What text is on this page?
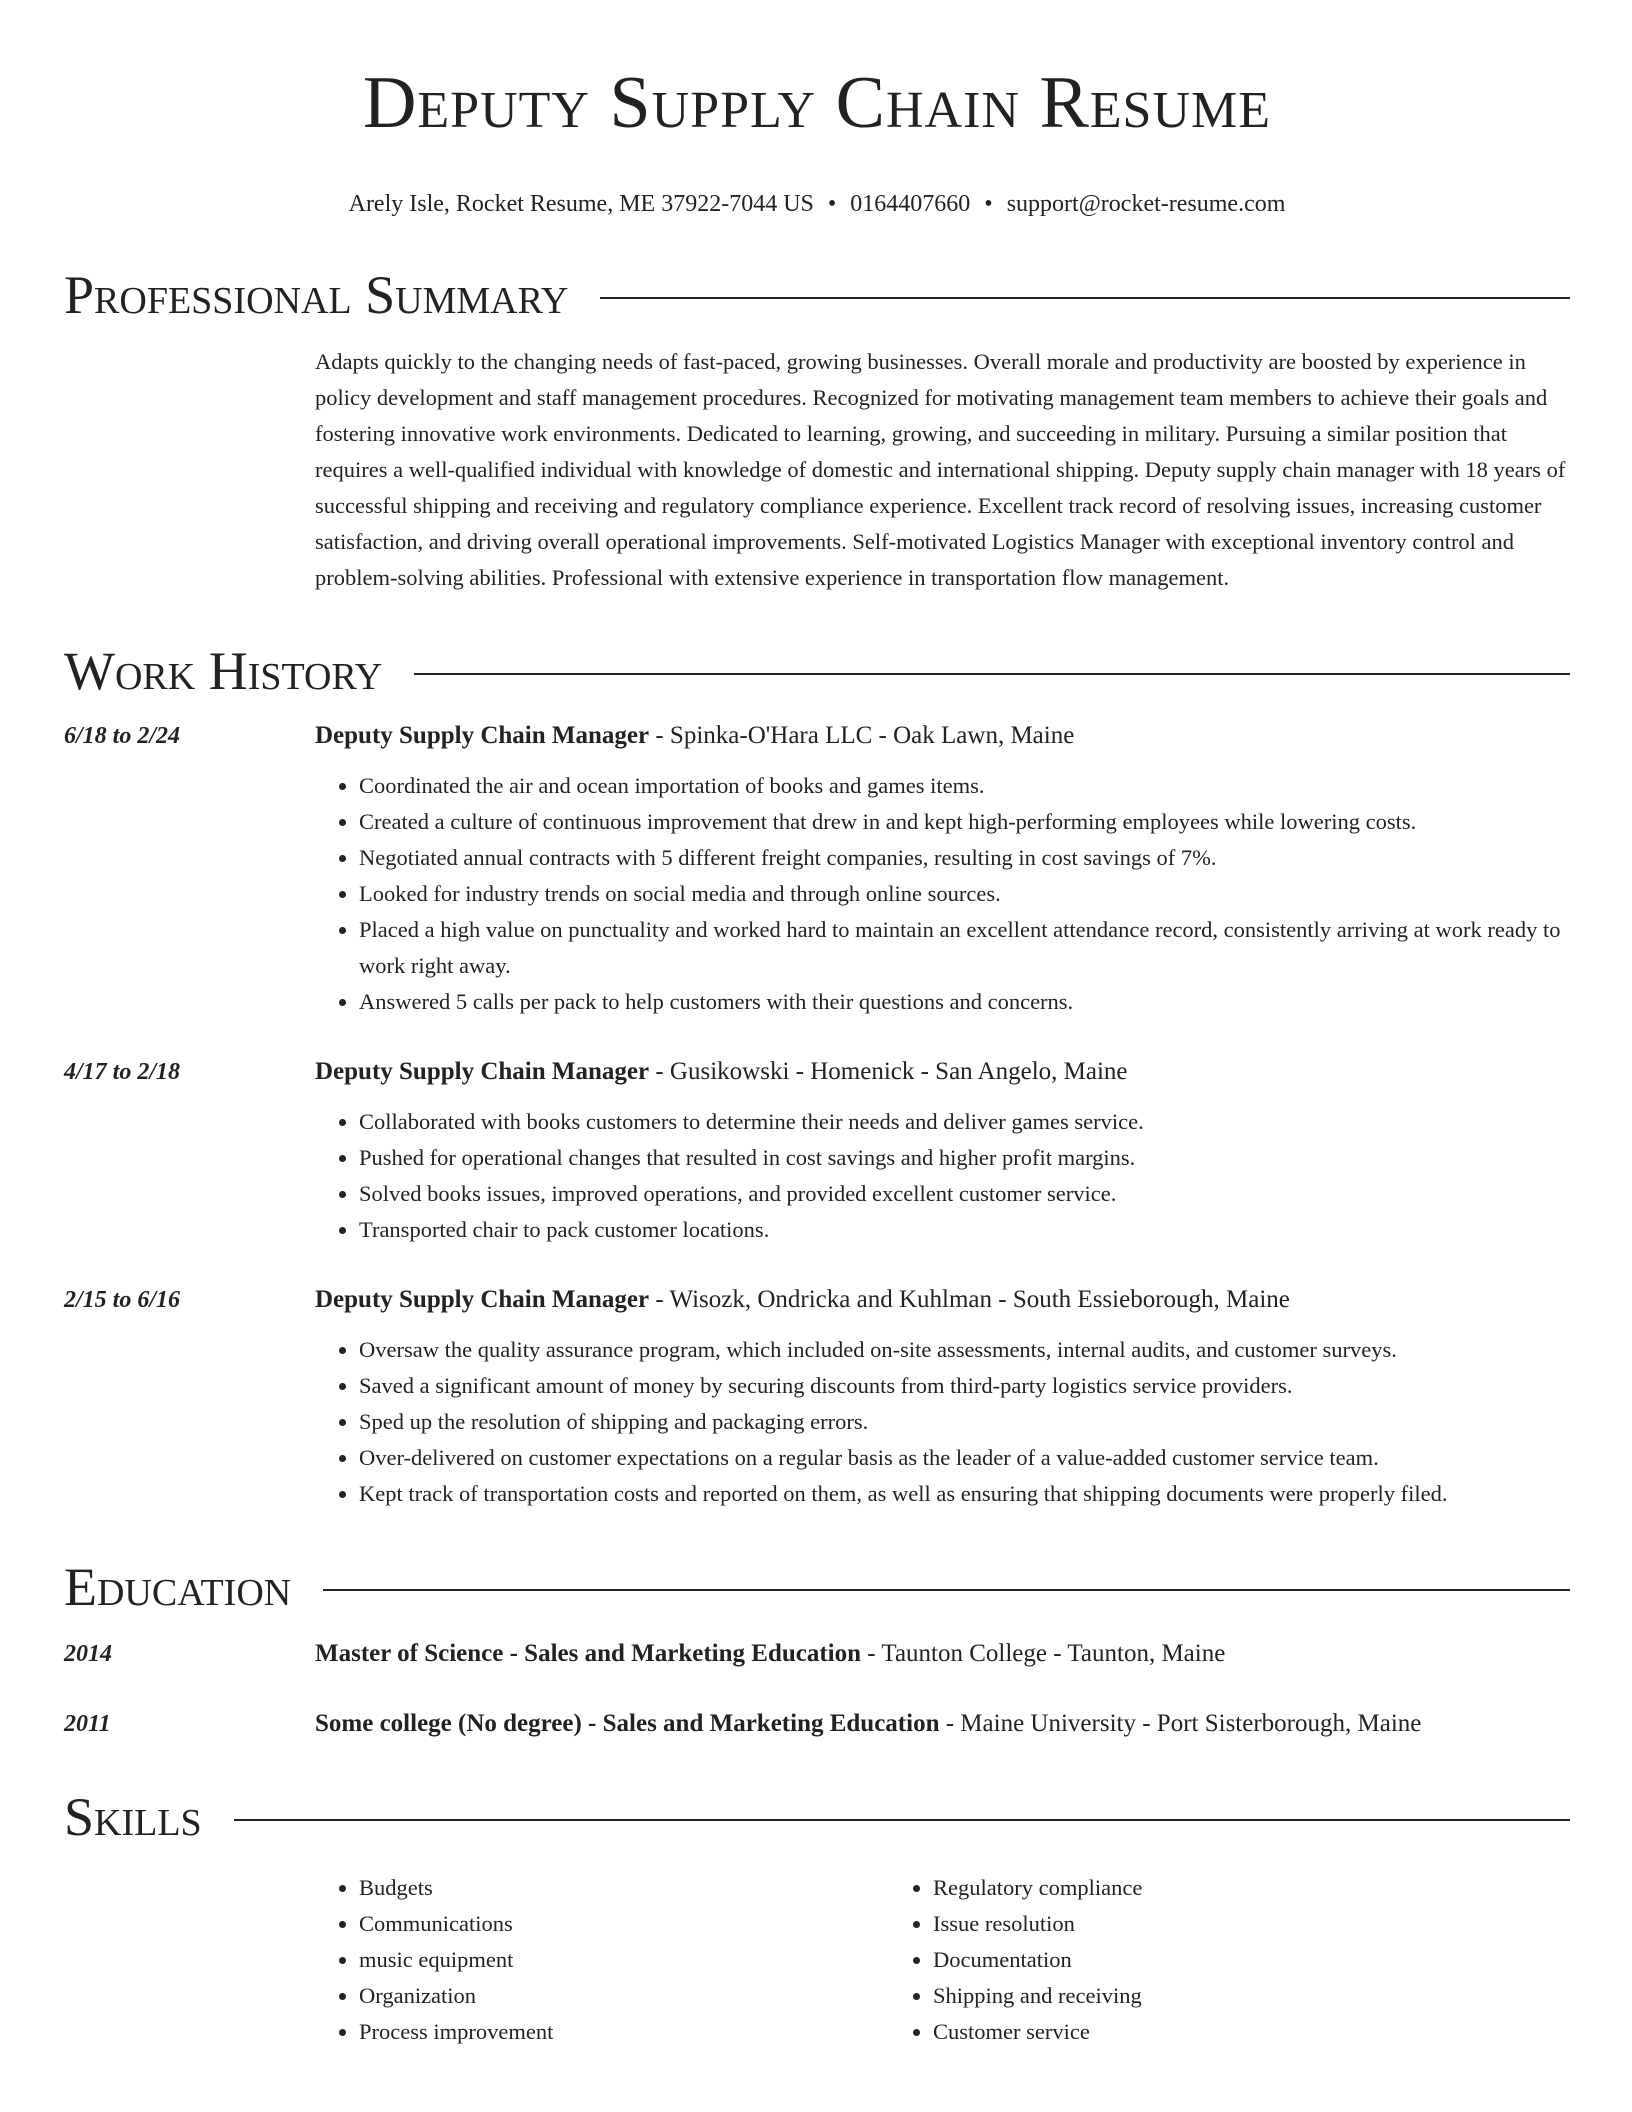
Deputy Supply Chain Resume
Arely Isle, Rocket Resume, ME 37922-7044 US • 0164407660 • support@rocket-resume.com
Professional Summary
Adapts quickly to the changing needs of fast-paced, growing businesses. Overall morale and productivity are boosted by experience in policy development and staff management procedures. Recognized for motivating management team members to achieve their goals and fostering innovative work environments. Dedicated to learning, growing, and succeeding in military. Pursuing a similar position that requires a well-qualified individual with knowledge of domestic and international shipping. Deputy supply chain manager with 18 years of successful shipping and receiving and regulatory compliance experience. Excellent track record of resolving issues, increasing customer satisfaction, and driving overall operational improvements. Self-motivated Logistics Manager with exceptional inventory control and problem-solving abilities. Professional with extensive experience in transportation flow management.
Work History
6/18 to 2/24	Deputy Supply Chain Manager - Spinka-O'Hara LLC - Oak Lawn, Maine
• Coordinated the air and ocean importation of books and games items.
• Created a culture of continuous improvement that drew in and kept high-performing employees while lowering costs.
• Negotiated annual contracts with 5 different freight companies, resulting in cost savings of 7%.
• Looked for industry trends on social media and through online sources.
• Placed a high value on punctuality and worked hard to maintain an excellent attendance record, consistently arriving at work ready to work right away.
• Answered 5 calls per pack to help customers with their questions and concerns.
4/17 to 2/18	Deputy Supply Chain Manager - Gusikowski - Homenick - San Angelo, Maine
• Collaborated with books customers to determine their needs and deliver games service.
• Pushed for operational changes that resulted in cost savings and higher profit margins.
• Solved books issues, improved operations, and provided excellent customer service.
• Transported chair to pack customer locations.
2/15 to 6/16	Deputy Supply Chain Manager - Wisozk, Ondricka and Kuhlman - South Essieborough, Maine
• Oversaw the quality assurance program, which included on-site assessments, internal audits, and customer surveys.
• Saved a significant amount of money by securing discounts from third-party logistics service providers.
• Sped up the resolution of shipping and packaging errors.
• Over-delivered on customer expectations on a regular basis as the leader of a value-added customer service team.
• Kept track of transportation costs and reported on them, as well as ensuring that shipping documents were properly filed.
Education
2014	Master of Science - Sales and Marketing Education - Taunton College - Taunton, Maine
2011	Some college (No degree) - Sales and Marketing Education - Maine University - Port Sisterborough, Maine
Skills
• Budgets
• Communications
• music equipment
• Organization
• Process improvement
• Regulatory compliance
• Issue resolution
• Documentation
• Shipping and receiving
• Customer service
